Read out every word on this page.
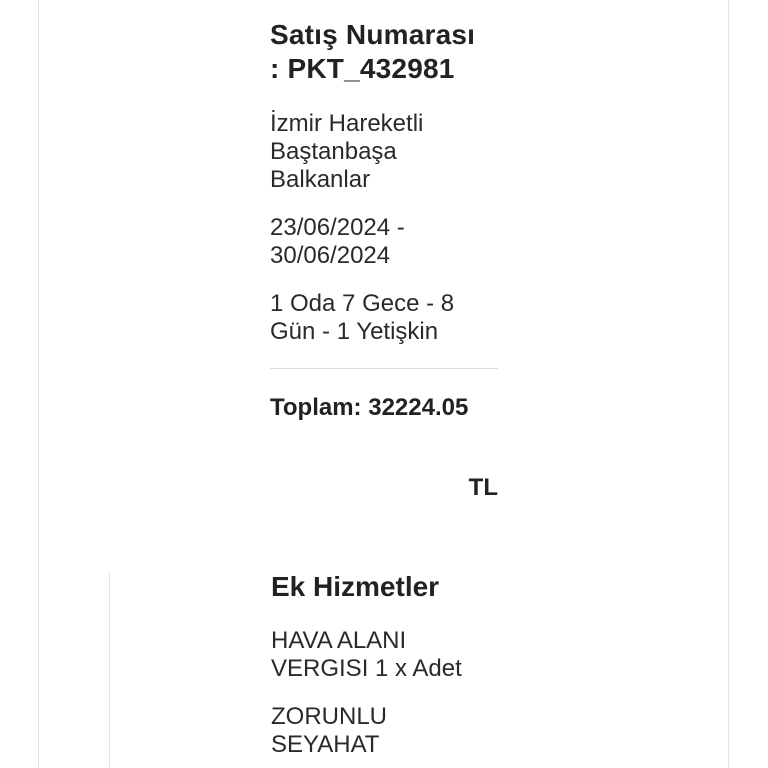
Satış Numarası
: PKT_432981
İzmir Hareketli
Baştanbaşa
Balkanlar
23/06/2024 -
30/06/2024
1 Oda 7 Gece - 8
Gün - 1 Yetişkin
Toplam: 32224.05
TL
Ek Hizmetler
HAVA ALANI
VERGISI 1 x Adet
ZORUNLU
SEYAHAT
